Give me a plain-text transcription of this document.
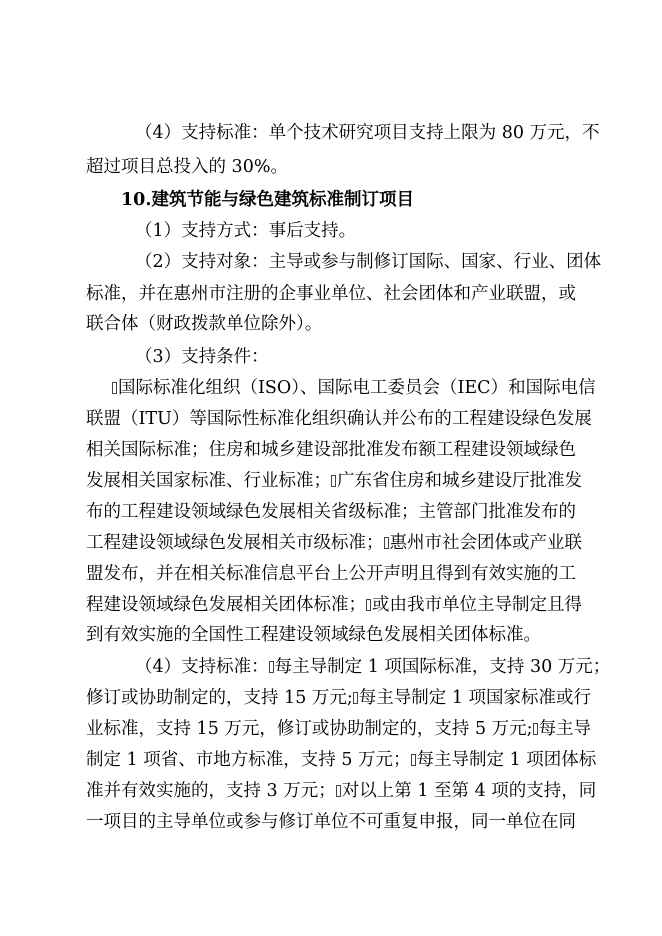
（4）支持标准：单个技术研究项目支持上限为 80 万元，不
超过项目总投入的 30%。
10.建筑节能与绿色建筑标准制订项目
（1）支持方式：事后支持。
（2）支持对象：主导或参与制修订国际、国家、行业、团体
标准，并在惠州市注册的企事业单位、社会团体和产业联盟，或
联合体（财政拨款单位除外）。
（3）支持条件：
国际标准化组织（ISO）、国际电工委员会（IEC）和国际电信
联盟（ITU）等国际性标准化组织确认并公布的工程建设绿色发展
相关国际标准；住房和城乡建设部批准发布额工程建设领域绿色
发展相关国家标准、行业标准； 广东省住房和城乡建设厅批准发
布的工程建设领域绿色发展相关省级标准；主管部门批准发布的
工程建设领域绿色发展相关市级标准； 惠州市社会团体或产业联
盟发布，并在相关标准信息平台上公开声明且得到有效实施的工
程建设领域绿色发展相关团体标准； 或由我市单位主导制定且得
到有效实施的全国性工程建设领域绿色发展相关团体标准。
（4）支持标准： 每主导制定 1 项国际标准，支持 30 万元；
修订或协助制定的，支持 15 万元; 每主导制定 1 项国家标准或行
业标准，支持 15 万元，修订或协助制定的，支持 5 万元; 每主导
制定 1 项省、市地方标准，支持 5 万元； 每主导制定 1 项团体标
准并有效实施的，支持 3 万元； 对以上第 1 至第 4 项的支持，同
一项目的主导单位或参与修订单位不可重复申报，同一单位在同
